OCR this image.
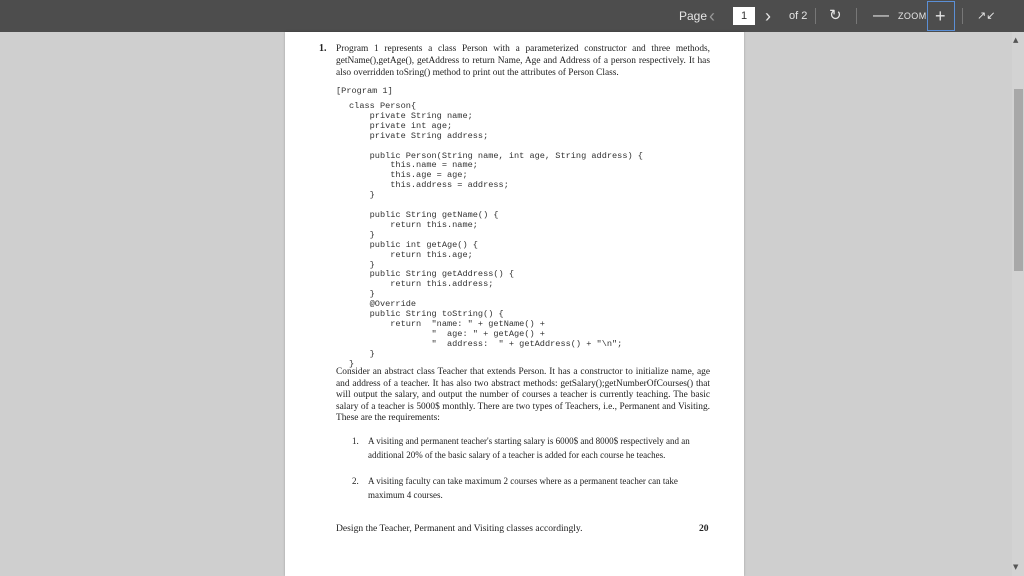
Page ‹	1 › of 2 ↻ — ZOOM +	↗↙
1. Program 1 represents a class Person with a parameterized constructor and three methods, getName(),getAge(), getAddress to return Name, Age and Address of a person respectively. It has also overridden toSring() method to print out the attributes of Person Class.
[Program 1]
class Person{
private String name;
private int age;
private String address;

public Person(String name, int age, String address) {
this.name = name;
this.age = age;
this.address = address;
}

public String getName() {
return this.name;
}
public int getAge() {
return this.age;
}
public String getAddress() {
return this.address;
}
@Override
public String toString() {
return  "name: " + getName() +
"  age: " + getAge() +
"  address:  " + getAddress() + "\n";
}
}
Consider an abstract class Teacher that extends Person. It has a constructor to initialize name, age and address of a teacher. It has also two abstract methods: getSalary();getNumberOfCourses() that will output the salary, and output the number of courses a teacher is currently teaching. The basic salary of a teacher is 5000$ monthly. There are two types of Teachers, i.e., Permanent and Visiting. These are the requirements:
1. A visiting and permanent teacher's starting salary is 6000$ and 8000$ respectively and an additional 20% of the basic salary of a teacher is added for each course he teaches.
2. A visiting faculty can take maximum 2 courses where as a permanent teacher can take maximum 4 courses.
Design the Teacher, Permanent and Visiting classes accordingly.	20
▲
▼
